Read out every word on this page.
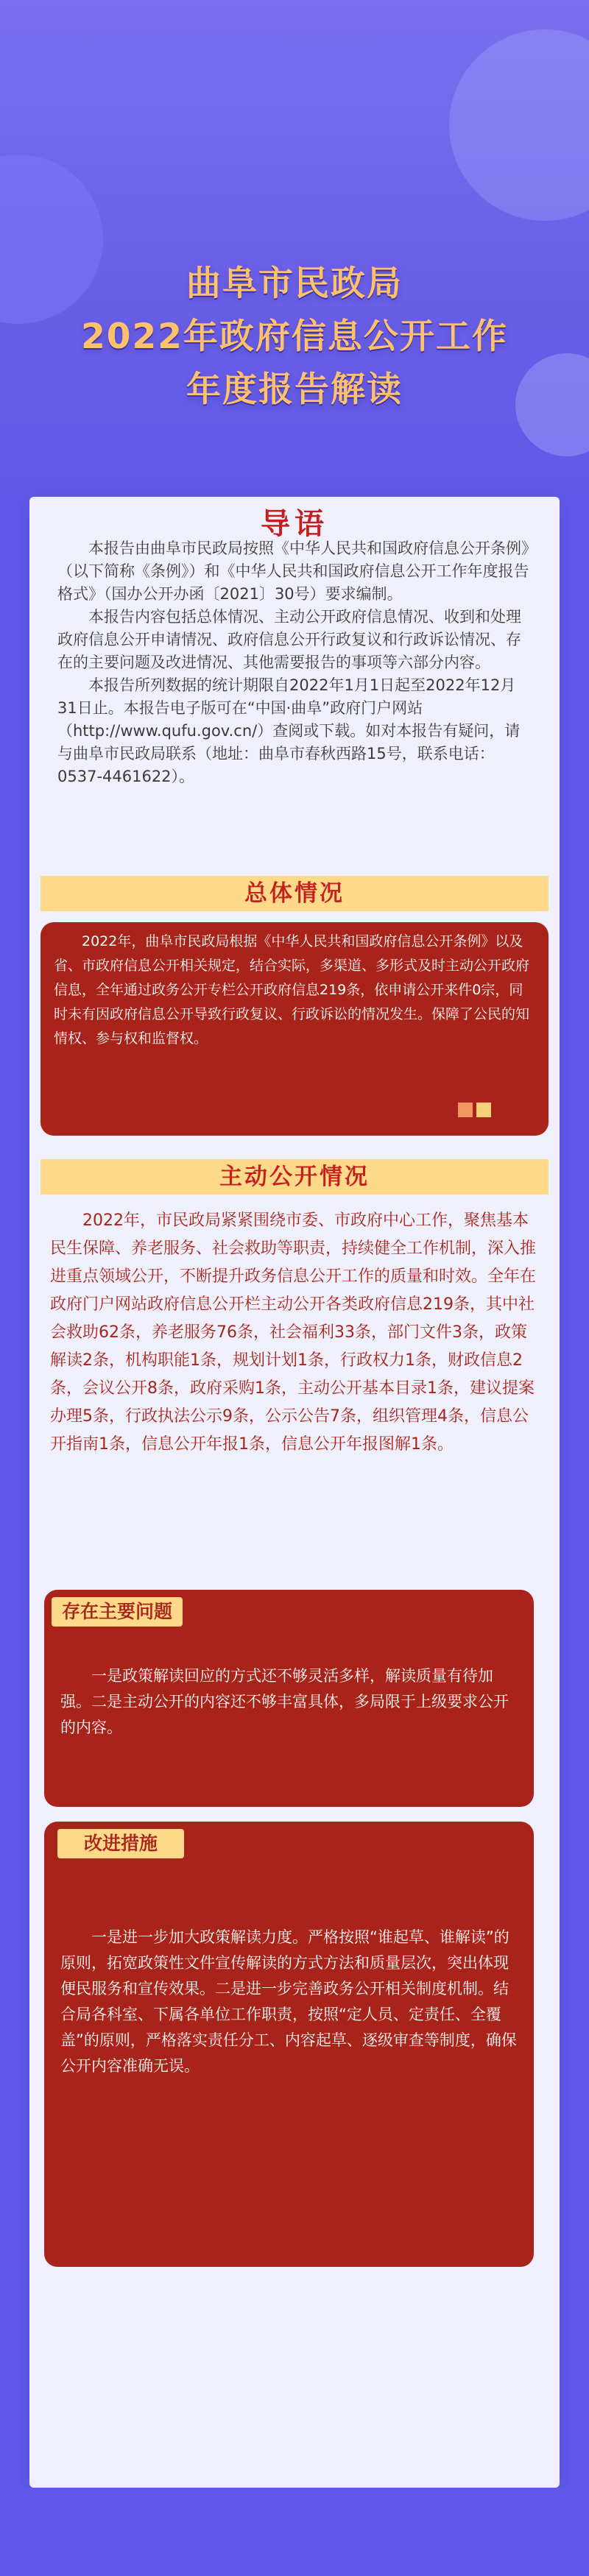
曲阜市民政局
2022年政府信息公开工作
年度报告解读
导语

本报告由曲阜市民政局按照《中华人民共和国政府信息公开条例》（以下简称《条例》）和《中华人民共和国政府信息公开工作年度报告格式》（国办公开办函〔2021〕30号）要求编制。

本报告内容包括总体情况、主动公开政府信息情况、收到和处理政府信息公开申请情况、政府信息公开行政复议和行政诉讼情况、存在的主要问题及改进情况、其他需要报告的事项等六部分内容。

本报告所列数据的统计期限自2022年1月1日起至2022年12月31日止。本报告电子版可在“中国·曲阜”政府门户网站（http://www.qufu.gov.cn/）查阅或下载。如对本报告有疑问，请与曲阜市民政局联系（地址：曲阜市春秋西路15号，联系电话：0537-4461622）。

总体情况

2022年，曲阜市民政局根据《中华人民共和国政府信息公开条例》以及省、市政府信息公开相关规定，结合实际，多渠道、多形式及时主动公开政府信息，全年通过政务公开专栏公开政府信息219条，依申请公开来件0宗，同时未有因政府信息公开导致行政复议、行政诉讼的情况发生。保障了公民的知情权、参与权和监督权。

主动公开情况

2022年，市民政局紧紧围绕市委、市政府中心工作，聚焦基本民生保障、养老服务、社会救助等职责，持续健全工作机制，深入推进重点领域公开，不断提升政务信息公开工作的质量和时效。全年在政府门户网站政府信息公开栏主动公开各类政府信息219条，其中社会救助62条，养老服务76条，社会福利33条，部门文件3条，政策解读2条，机构职能1条，规划计划1条，行政权力1条，财政信息2条，会议公开8条，政府采购1条，主动公开基本目录1条，建议提案办理5条，行政执法公示9条，公示公告7条，组织管理4条，信息公开指南1条，信息公开年报1条，信息公开年报图解1条。

存在主要问题

一是政策解读回应的方式还不够灵活多样，解读质量有待加强。二是主动公开的内容还不够丰富具体，多局限于上级要求公开的内容。

改进措施

一是进一步加大政策解读力度。严格按照“谁起草、谁解读”的原则，拓宽政策性文件宣传解读的方式方法和质量层次，突出体现便民服务和宣传效果。二是进一步完善政务公开相关制度机制。结合局各科室、下属各单位工作职责，按照“定人员、定责任、全覆盖”的原则，严格落实责任分工、内容起草、逐级审查等制度，确保公开内容准确无误。
